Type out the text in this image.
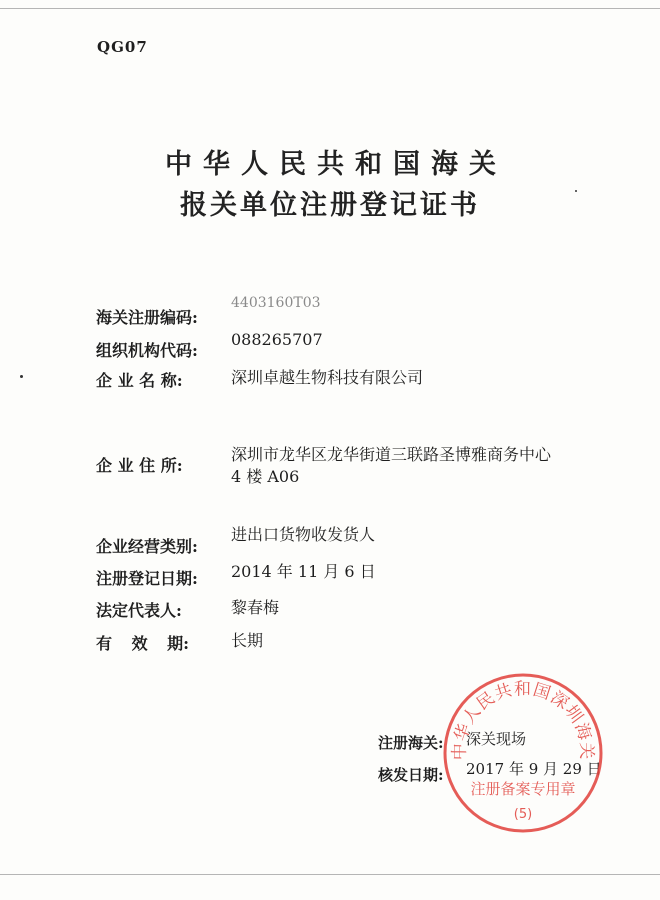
QG07
中华人民共和国海关
报关单位注册登记证书
海关注册编码:
4403160T03
组织机构代码:
088265707
企 业 名 称:	深圳卓越生物科技有限公司
企 业 住 所:
深圳市龙华区龙华街道三联路圣博雅商务中心
4 楼 A06
企业经营类别:
进出口货物收发货人
注册登记日期:	2014 年 11 月 6 日
法定代表人:	黎春梅
有 效 期:	长期
注册海关: 深关现场
核发日期: 2017 年 9 月 29 日
中华人民共和国深圳海关
注册备案专用章
(5)
